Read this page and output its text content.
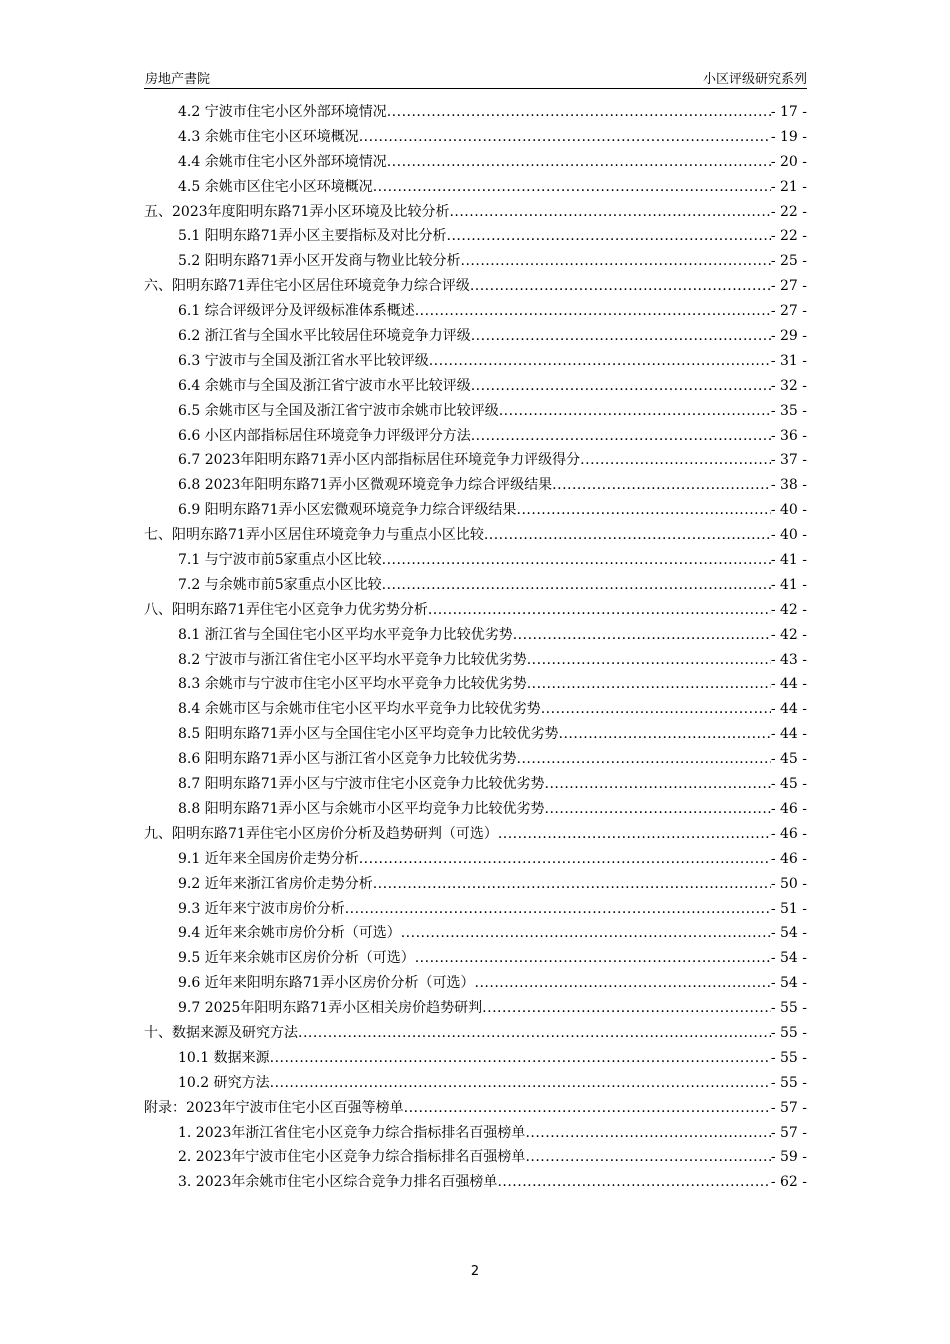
房地产書院	小区评级研究系列
4.2 宁波市住宅小区外部环境情况 .....	- 17 -
4.3 余姚市住宅小区环境概况 .....	- 19 -
4.4 余姚市住宅小区外部环境情况 .....	- 20 -
4.5 余姚市区住宅小区环境概况 .....	- 21 -
五、2023年度阳明东路71弄小区环境及比较分析 .....	- 22 -
5.1 阳明东路71弄小区主要指标及对比分析 .....	- 22 -
5.2 阳明东路71弄小区开发商与物业比较分析 .....	- 25 -
六、阳明东路71弄住宅小区居住环境竞争力综合评级 .....	- 27 -
6.1 综合评级评分及评级标准体系概述 .....	- 27 -
6.2 浙江省与全国水平比较居住环境竞争力评级 .....	- 29 -
6.3 宁波市与全国及浙江省水平比较评级 .....	- 31 -
6.4 余姚市与全国及浙江省宁波市水平比较评级 .....	- 32 -
6.5 余姚市区与全国及浙江省宁波市余姚市比较评级 .....	- 35 -
6.6 小区内部指标居住环境竞争力评级评分方法 .....	- 36 -
6.7 2023年阳明东路71弄小区内部指标居住环境竞争力评级得分 .....	- 37 -
6.8 2023年阳明东路71弄小区微观环境竞争力综合评级结果 .....	- 38 -
6.9 阳明东路71弄小区宏微观环境竞争力综合评级结果 .....	- 40 -
七、阳明东路71弄小区居住环境竞争力与重点小区比较 .....	- 40 -
7.1 与宁波市前5家重点小区比较 .....	- 41 -
7.2 与余姚市前5家重点小区比较 .....	- 41 -
八、阳明东路71弄住宅小区竞争力优劣势分析 .....	- 42 -
8.1 浙江省与全国住宅小区平均水平竞争力比较优劣势 .....	- 42 -
8.2 宁波市与浙江省住宅小区平均水平竞争力比较优劣势 .....	- 43 -
8.3 余姚市与宁波市住宅小区平均水平竞争力比较优劣势 .....	- 44 -
8.4 余姚市区与余姚市住宅小区平均水平竞争力比较优劣势 .....	- 44 -
8.5 阳明东路71弄小区与全国住宅小区平均竞争力比较优劣势 .....	- 44 -
8.6 阳明东路71弄小区与浙江省小区竞争力比较优劣势 .....	- 45 -
8.7 阳明东路71弄小区与宁波市住宅小区竞争力比较优劣势 .....	- 45 -
8.8 阳明东路71弄小区与余姚市小区平均竞争力比较优劣势 .....	- 46 -
九、阳明东路71弄住宅小区房价分析及趋势研判（可选） .....	- 46 -
9.1 近年来全国房价走势分析 .....	- 46 -
9.2 近年来浙江省房价走势分析 .....	- 50 -
9.3 近年来宁波市房价分析 .....	- 51 -
9.4 近年来余姚市房价分析（可选） .....	- 54 -
9.5 近年来余姚市区房价分析（可选） .....	- 54 -
9.6 近年来阳明东路71弄小区房价分析（可选） .....	- 54 -
9.7 2025年阳明东路71弄小区相关房价趋势研判 .....	- 55 -
十、数据来源及研究方法 .....	- 55 -
10.1 数据来源 .....	- 55 -
10.2 研究方法 .....	- 55 -
附录：2023年宁波市住宅小区百强等榜单 .....	- 57 -
1. 2023年浙江省住宅小区竞争力综合指标排名百强榜单 .....	- 57 -
2. 2023年宁波市住宅小区竞争力综合指标排名百强榜单 .....	- 59 -
3. 2023年余姚市住宅小区综合竞争力排名百强榜单 .....	- 62 -
2
